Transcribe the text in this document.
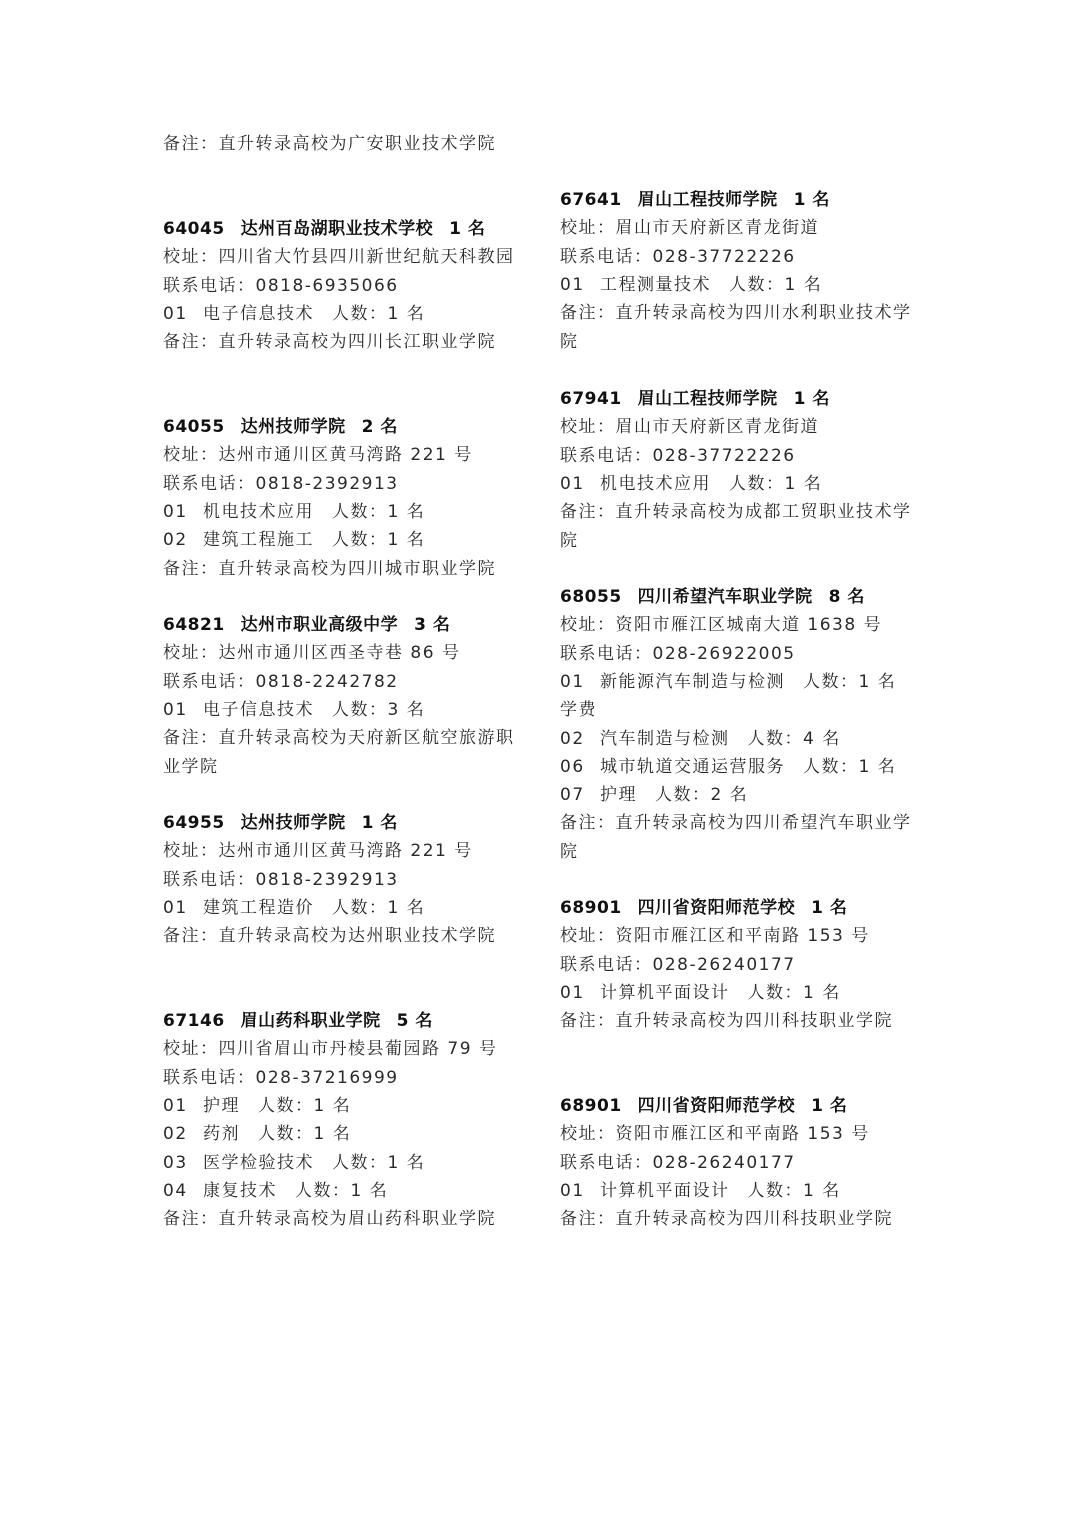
备注：直升转录高校为广安职业技术学院
64045 达州百岛湖职业技术学校 1 名
校址：四川省大竹县四川新世纪航天科教园
联系电话：0818-6935066
01 电子信息技术 人数：1 名
备注：直升转录高校为四川长江职业学院
64055 达州技师学院 2 名
校址：达州市通川区黄马湾路 221 号
联系电话：0818-2392913
01 机电技术应用 人数：1 名
02 建筑工程施工 人数：1 名
备注：直升转录高校为四川城市职业学院
64821 达州市职业高级中学 3 名
校址：达州市通川区西圣寺巷 86 号
联系电话：0818-2242782
01 电子信息技术 人数：3 名
备注：直升转录高校为天府新区航空旅游职
业学院
64955 达州技师学院 1 名
校址：达州市通川区黄马湾路 221 号
联系电话：0818-2392913
01 建筑工程造价 人数：1 名
备注：直升转录高校为达州职业技术学院
67146 眉山药科职业学院 5 名
校址：四川省眉山市丹棱县葡园路 79 号
联系电话：028-37216999
01 护理 人数：1 名
02 药剂 人数：1 名
03 医学检验技术 人数：1 名
04 康复技术 人数：1 名
备注：直升转录高校为眉山药科职业学院
67641 眉山工程技师学院 1 名
校址：眉山市天府新区青龙街道
联系电话：028-37722226
01 工程测量技术 人数：1 名
备注：直升转录高校为四川水利职业技术学
院
67941 眉山工程技师学院 1 名
校址：眉山市天府新区青龙街道
联系电话：028-37722226
01 机电技术应用 人数：1 名
备注：直升转录高校为成都工贸职业技术学
院
68055 四川希望汽车职业学院 8 名
校址：资阳市雁江区城南大道 1638 号
联系电话：028-26922005
01 新能源汽车制造与检测 人数：1 名
学费
02 汽车制造与检测 人数：4 名
06 城市轨道交通运营服务 人数：1 名
07 护理 人数：2 名
备注：直升转录高校为四川希望汽车职业学
院
68901 四川省资阳师范学校 1 名
校址：资阳市雁江区和平南路 153 号
联系电话：028-26240177
01 计算机平面设计 人数：1 名
备注：直升转录高校为四川科技职业学院
68901 四川省资阳师范学校 1 名
校址：资阳市雁江区和平南路 153 号
联系电话：028-26240177
01 计算机平面设计 人数：1 名
备注：直升转录高校为四川科技职业学院
